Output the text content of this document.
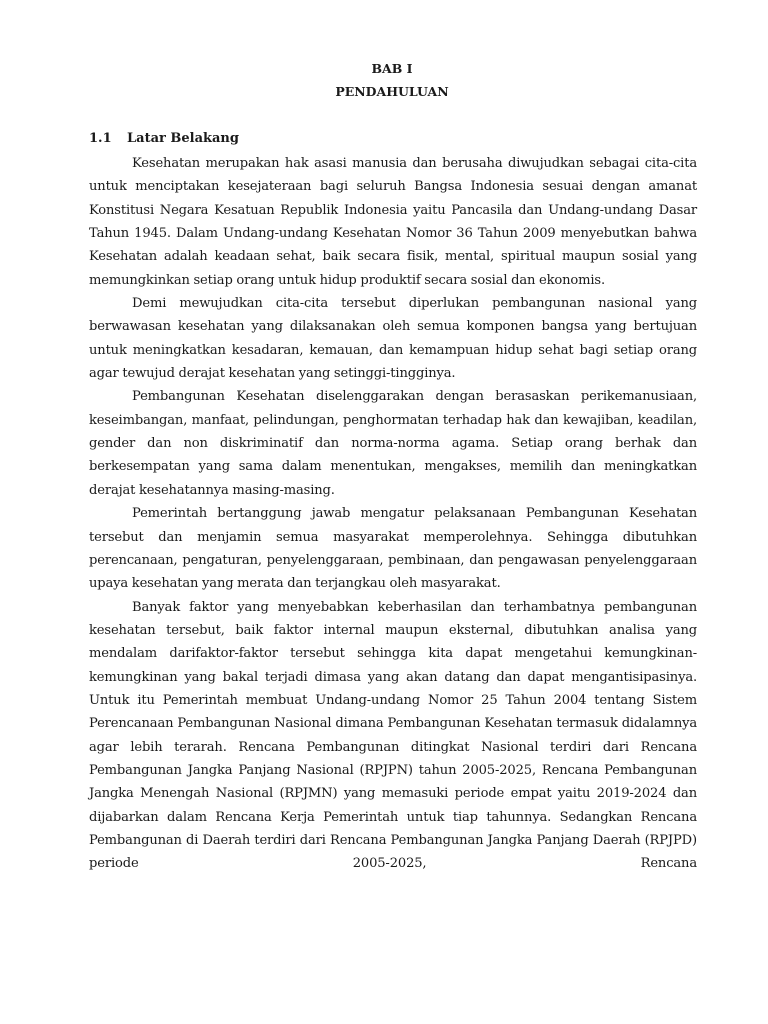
BAB I
PENDAHULUAN
1.1 Latar Belakang

Kesehatan merupakan hak asasi manusia dan berusaha diwujudkan sebagai cita-cita untuk menciptakan kesejateraan bagi seluruh Bangsa Indonesia sesuai dengan amanat Konstitusi Negara Kesatuan Republik Indonesia yaitu Pancasila dan Undang-undang Dasar Tahun 1945. Dalam Undang-undang Kesehatan Nomor 36 Tahun 2009 menyebutkan bahwa Kesehatan adalah keadaan sehat, baik secara fisik, mental, spiritual maupun sosial yang memungkinkan setiap orang untuk hidup produktif secara sosial dan ekonomis.

Demi mewujudkan cita-cita tersebut diperlukan pembangunan nasional yang berwawasan kesehatan yang dilaksanakan oleh semua komponen bangsa yang bertujuan untuk meningkatkan kesadaran, kemauan, dan kemampuan hidup sehat bagi setiap orang agar tewujud derajat kesehatan yang setinggi-tingginya.

Pembangunan Kesehatan diselenggarakan dengan berasaskan perikemanusiaan, keseimbangan, manfaat, pelindungan, penghormatan terhadap hak dan kewajiban, keadilan, gender dan non diskriminatif dan norma-norma agama. Setiap orang berhak dan berkesempatan yang sama dalam menentukan, mengakses, memilih dan meningkatkan derajat kesehatannya masing-masing.

Pemerintah bertanggung jawab mengatur pelaksanaan Pembangunan Kesehatan tersebut dan menjamin semua masyarakat memperolehnya. Sehingga dibutuhkan perencanaan, pengaturan, penyelenggaraan, pembinaan, dan pengawasan penyelenggaraan upaya kesehatan yang merata dan terjangkau oleh masyarakat.

Banyak faktor yang menyebabkan keberhasilan dan terhambatnya pembangunan kesehatan tersebut, baik faktor internal maupun eksternal, dibutuhkan analisa yang mendalam darifaktor-faktor tersebut sehingga kita dapat mengetahui kemungkinan-kemungkinan yang bakal terjadi dimasa yang akan datang dan dapat mengantisipasinya. Untuk itu Pemerintah membuat Undang-undang Nomor 25 Tahun 2004 tentang Sistem Perencanaan Pembangunan Nasional dimana Pembangunan Kesehatan termasuk didalamnya agar lebih terarah. Rencana Pembangunan ditingkat Nasional terdiri dari Rencana Pembangunan Jangka Panjang Nasional (RPJPN) tahun 2005-2025, Rencana Pembangunan Jangka Menengah Nasional (RPJMN) yang memasuki periode empat yaitu 2019-2024 dan dijabarkan dalam Rencana Kerja Pemerintah untuk tiap tahunnya. Sedangkan Rencana Pembangunan di Daerah terdiri dari Rencana Pembangunan Jangka Panjang Daerah (RPJPD) periode 2005-2025, Rencana
